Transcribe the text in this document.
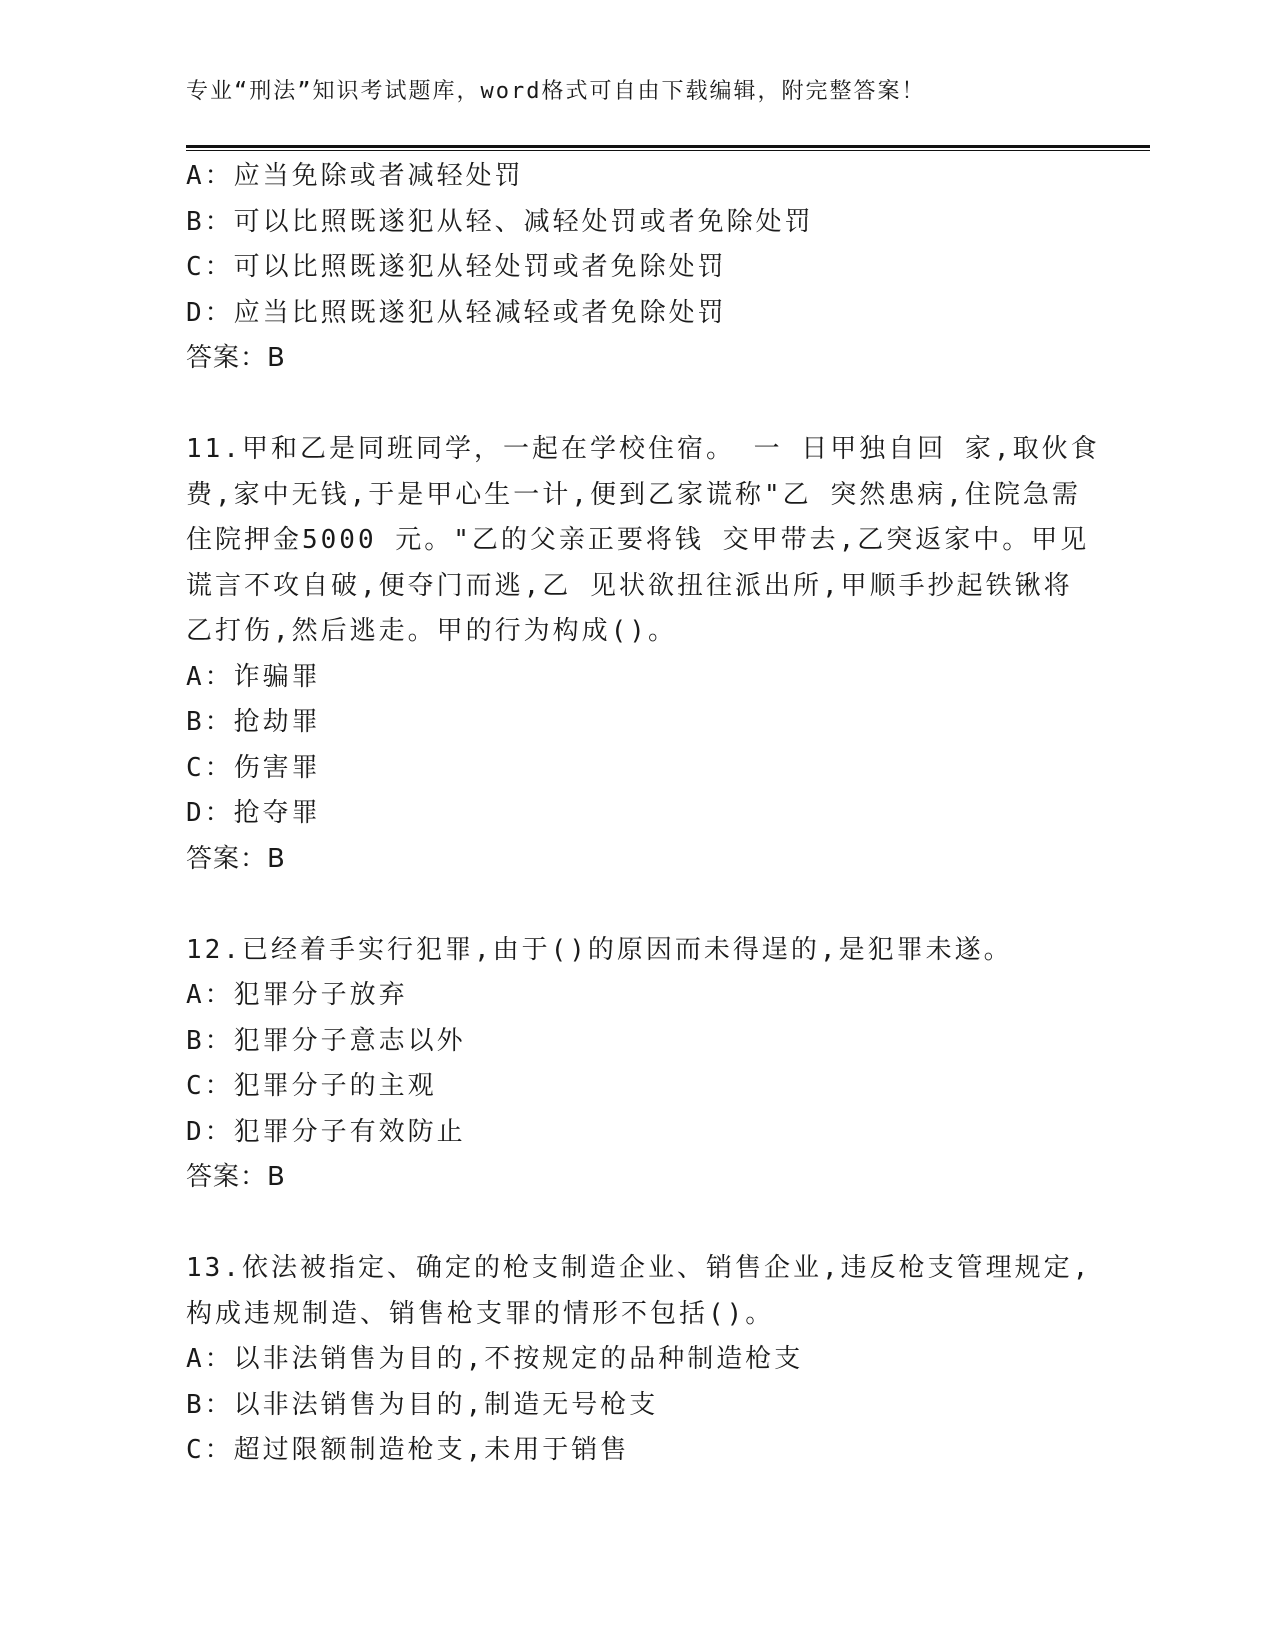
专业“刑法”知识考试题库，word格式可自由下载编辑，附完整答案！
A：应当免除或者减轻处罚
B：可以比照既遂犯从轻、减轻处罚或者免除处罚
C：可以比照既遂犯从轻处罚或者免除处罚
D：应当比照既遂犯从轻减轻或者免除处罚
答案：B
11.甲和乙是同班同学，一起在学校住宿。 一 日甲独自回 家,取伙食
费,家中无钱,于是甲心生一计,便到乙家谎称"乙 突然患病,住院急需
住院押金5000 元。"乙的父亲正要将钱 交甲带去,乙突返家中。甲见
谎言不攻自破,便夺门而逃,乙 见状欲扭往派出所,甲顺手抄起铁锹将
乙打伤,然后逃走。甲的行为构成()。
A：诈骗罪
B：抢劫罪
C：伤害罪
D：抢夺罪
答案：B
12.已经着手实行犯罪,由于()的原因而未得逞的,是犯罪未遂。
A：犯罪分子放弃
B：犯罪分子意志以外
C：犯罪分子的主观
D：犯罪分子有效防止
答案：B
13.依法被指定、确定的枪支制造企业、销售企业,违反枪支管理规定,
构成违规制造、销售枪支罪的情形不包括()。
A：以非法销售为目的,不按规定的品种制造枪支
B：以非法销售为目的,制造无号枪支
C：超过限额制造枪支,未用于销售
